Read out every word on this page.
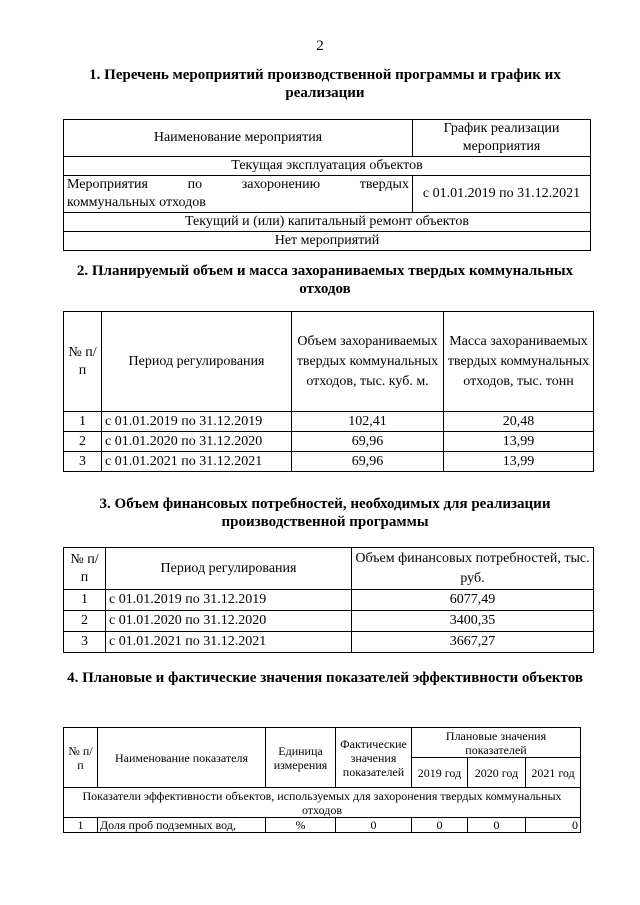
2
1. Перечень мероприятий производственной программы и график их реализации
Наименование мероприятия	График реализации мероприятия
Текущая эксплуатация объектов	

Мероприятия по захоронению твердых
коммунальных отходов	с 01.01.2019 по 31.12.2021
Текущий и (или) капитальный ремонт объектов	
Нет мероприятий	
2. Планируемый объем и масса захораниваемых твердых коммунальных отходов
№ п/п	Период регулирования	Объем захораниваемых твердых коммунальных отходов, тыс. куб. м.	Масса захораниваемых твердых коммунальных отходов, тыс. тонн
1	с 01.01.2019 по 31.12.2019	102,41	20,48
2	с 01.01.2020 по 31.12.2020	69,96	13,99
3	с 01.01.2021 по 31.12.2021	69,96	13,99
3. Объем финансовых потребностей, необходимых для реализации производственной программы
№ п/п	Период регулирования	Объем финансовых потребностей, тыс. руб.
1	с 01.01.2019 по 31.12.2019	6077,49
2	с 01.01.2020 по 31.12.2020	3400,35
3	с 01.01.2021 по 31.12.2021	3667,27
4. Плановые и фактические значения показателей эффективности объектов
№ п/п	Наименование показателя	Единица измерения	Фактические значения показателей	Плановые значения показателей		
				2019 год	2020 год	2021 год
Показатели эффективности объектов, используемых для захоронения твердых коммунальных отходов						
1	Доля проб подземных вод,	%	0	0	0	0
